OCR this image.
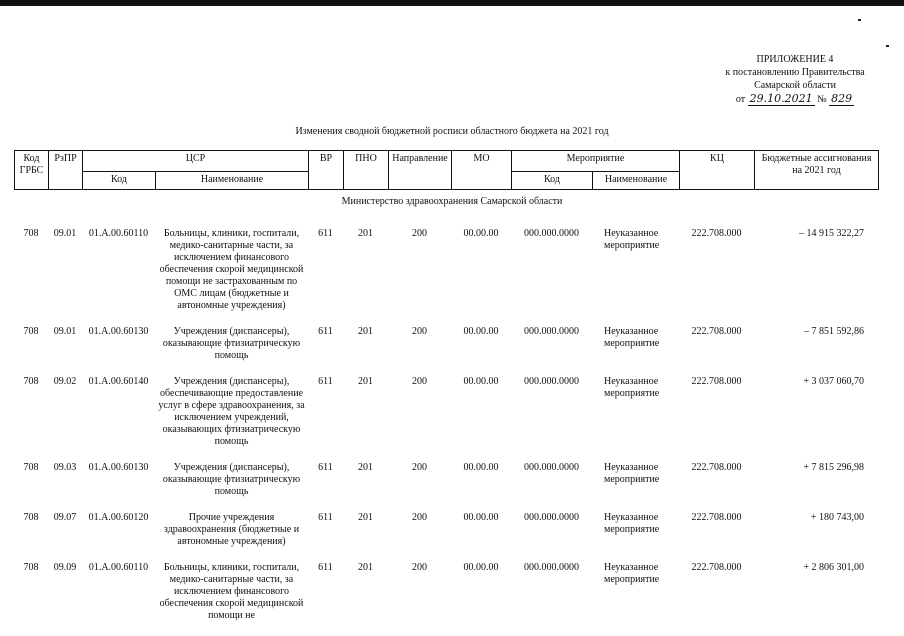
ПРИЛОЖЕНИЕ 4
к постановлению Правительства
Самарской области
от 29.10.2021 № 829
Изменения сводной бюджетной росписи областного бюджета на 2021 год
Код ГРБС	РзПР	ЦСР		ВР	ПНО	Направление	МО	Мероприятие		КЦ	Бюджетные ассигнования на 2021 год
		Код	Наименование					Код	Наименование		
Министерство здравоохранения Самарской области
708	09.01	01.А.00.60110	Больницы, клиники, госпитали, медико-санитарные части, за исключением финансового обеспечения скорой медицинской помощи не застрахованным по ОМС лицам (бюджетные и автономные учреждения)	611	201	200	00.00.00	000.000.0000	Неуказанное мероприятие	222.708.000	– 14 915 322,27
708	09.01	01.А.00.60130	Учреждения (диспансеры), оказывающие фтизиатрическую помощь	611	201	200	00.00.00	000.000.0000	Неуказанное мероприятие	222.708.000	– 7 851 592,86
708	09.02	01.А.00.60140	Учреждения (диспансеры), обеспечивающие предоставление услуг в сфере здравоохранения, за исключением учреждений, оказывающих фтизиатрическую помощь	611	201	200	00.00.00	000.000.0000	Неуказанное мероприятие	222.708.000	+ 3 037 060,70
708	09.03	01.А.00.60130	Учреждения (диспансеры), оказывающие фтизиатрическую помощь	611	201	200	00.00.00	000.000.0000	Неуказанное мероприятие	222.708.000	+ 7 815 296,98
708	09.07	01.А.00.60120	Прочие учреждения здравоохранения (бюджетные и автономные учреждения)	611	201	200	00.00.00	000.000.0000	Неуказанное мероприятие	222.708.000	+ 180 743,00
708	09.09	01.А.00.60110	Больницы, клиники, госпитали, медико-санитарные части, за исключением финансового обеспечения скорой медицинской помощи не	611	201	200	00.00.00	000.000.0000	Неуказанное мероприятие	222.708.000	+ 2 806 301,00
